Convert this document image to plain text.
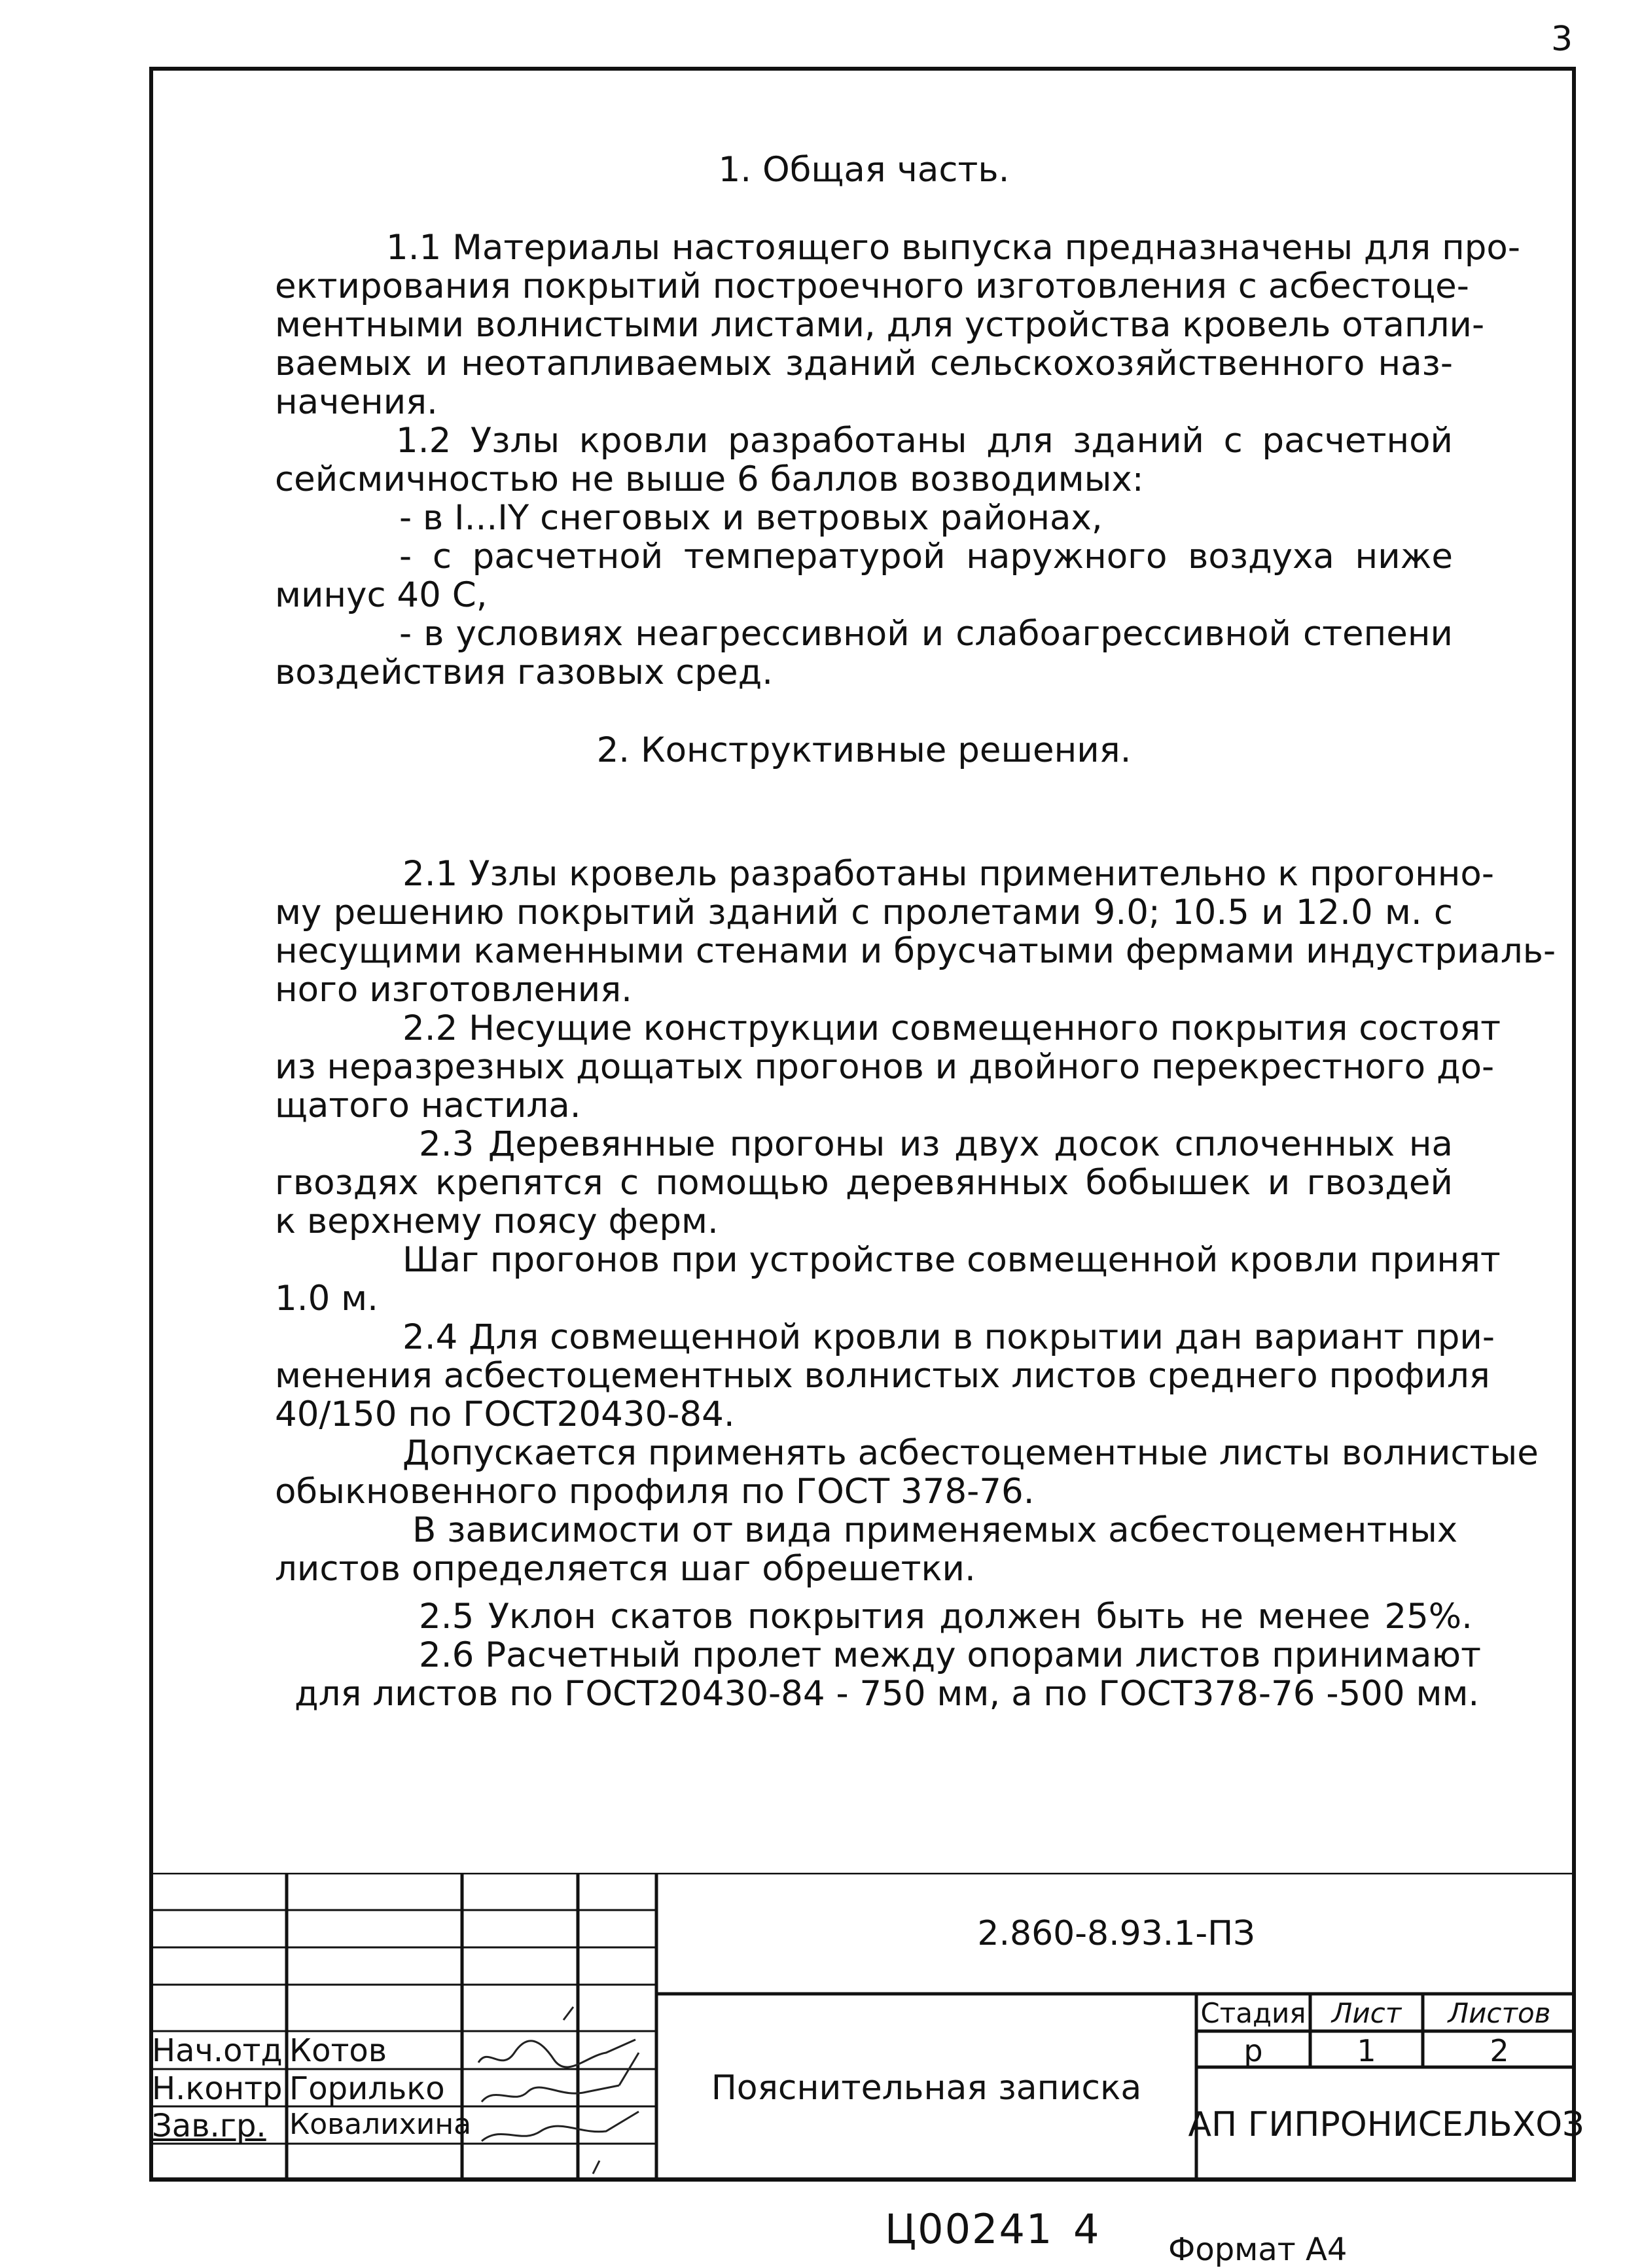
3

1. Общая часть.

1.1 Материалы настоящего выпуска предназначены для про-

ектирования покрытий построечного изготовления с асбестоце-

ментными волнистыми листами, для устройства кровель отапли-

ваемых и неотапливаемых зданий сельскохозяйственного наз-

начения.

1.2 Узлы кровли разработаны для зданий с расчетной

сейсмичностью не выше 6 баллов возводимых:

- в I...IY снеговых и ветровых районах,

- с расчетной температурой наружного воздуха ниже

минус 40 С,

- в условиях неагрессивной и слабоагрессивной степени

воздействия газовых сред.

2. Конструктивные решения.

2.1 Узлы кровель разработаны применительно к прогонно-

му решению покрытий зданий с пролетами 9.0; 10.5 и 12.0 м. с

несущими каменными стенами и брусчатыми фермами индустриаль-

ного изготовления.

2.2 Несущие конструкции совмещенного покрытия состоят

из неразрезных дощатых прогонов и двойного перекрестного до-

щатого настила.

2.3 Деревянные прогоны из двух досок сплоченных на

гвоздях крепятся с помощью деревянных бобышек и гвоздей

к верхнему поясу ферм.

Шаг прогонов при устройстве совмещенной кровли принят

1.0 м.

2.4 Для совмещенной кровли в покрытии дан вариант при-

менения асбестоцементных волнистых листов среднего профиля

40/150 по ГОСТ20430-84.

Допускается применять асбестоцементные листы волнистые

обыкновенного профиля по ГОСТ 378-76.

В зависимости от вида применяемых асбестоцементных

листов определяется шаг обрешетки.

2.5 Уклон скатов покрытия должен быть не менее 25%.

2.6 Расчетный пролет между опорами листов принимают

для листов по ГОСТ20430-84 - 750 мм, а по ГОСТ378-76 -500 мм.

2.860-8.93.1-ПЗ
Пояснительная записка
Стадия Лист	Листов
р	1	2
АП ГИПРОНИСЕЛЬХОЗ
Нач.отд Котов
Н.контр Горилько
Зав.гр. Ковалихина
Ц00241 4 Формат А4
